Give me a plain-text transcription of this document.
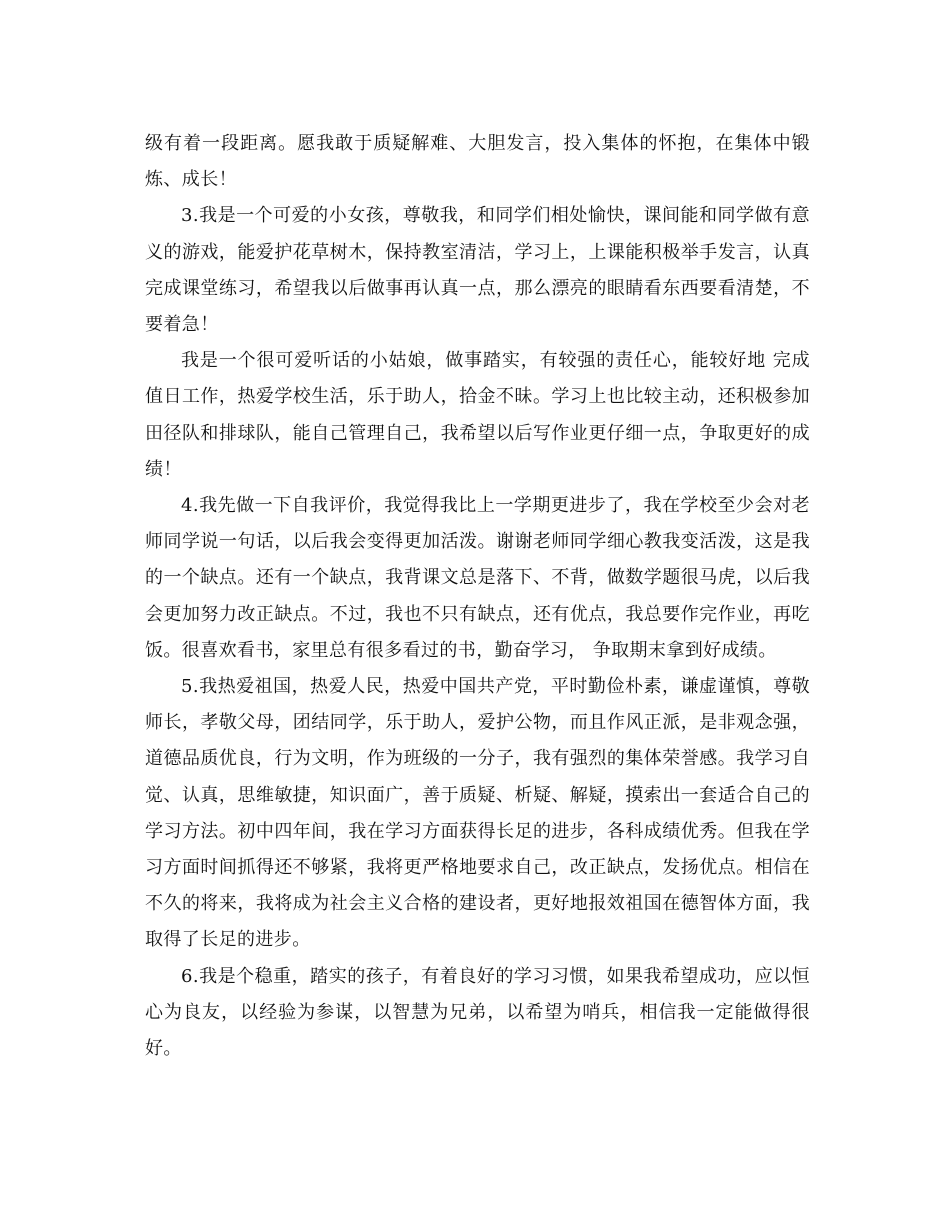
级有着一段距离。愿我敢于质疑解难、大胆发言，投入集体的怀抱，在集体中锻炼、成长！

3.我是一个可爱的小女孩，尊敬我，和同学们相处愉快，课间能和同学做有意义的游戏，能爱护花草树木，保持教室清洁，学习上，上课能积极举手发言，认真完成课堂练习，希望我以后做事再认真一点，那么漂亮的眼睛看东西要看清楚，不要着急！

我是一个很可爱听话的小姑娘，做事踏实，有较强的责任心，能较好地 完成值日工作，热爱学校生活，乐于助人，拾金不昧。学习上也比较主动，还积极参加田径队和排球队，能自己管理自己，我希望以后写作业更仔细一点，争取更好的成绩！

4.我先做一下自我评价，我觉得我比上一学期更进步了，我在学校至少会对老师同学说一句话，以后我会变得更加活泼。谢谢老师同学细心教我变活泼，这是我的一个缺点。还有一个缺点，我背课文总是落下、不背，做数学题很马虎，以后我会更加努力改正缺点。不过，我也不只有缺点，还有优点，我总要作完作业，再吃饭。很喜欢看书，家里总有很多看过的书，勤奋学习， 争取期末拿到好成绩。

5.我热爱祖国，热爱人民，热爱中国共产党，平时勤俭朴素，谦虚谨慎，尊敬师长，孝敬父母，团结同学，乐于助人，爱护公物，而且作风正派，是非观念强，道德品质优良，行为文明，作为班级的一分子，我有强烈的集体荣誉感。我学习自觉、认真，思维敏捷，知识面广，善于质疑、析疑、解疑，摸索出一套适合自己的学习方法。初中四年间，我在学习方面获得长足的进步，各科成绩优秀。但我在学习方面时间抓得还不够紧，我将更严格地要求自己，改正缺点，发扬优点。相信在不久的将来，我将成为社会主义合格的建设者，更好地报效祖国在德智体方面，我取得了长足的进步。

6.我是个稳重，踏实的孩子，有着良好的学习习惯，如果我希望成功，应以恒心为良友，以经验为参谋，以智慧为兄弟，以希望为哨兵，相信我一定能做得很好。
